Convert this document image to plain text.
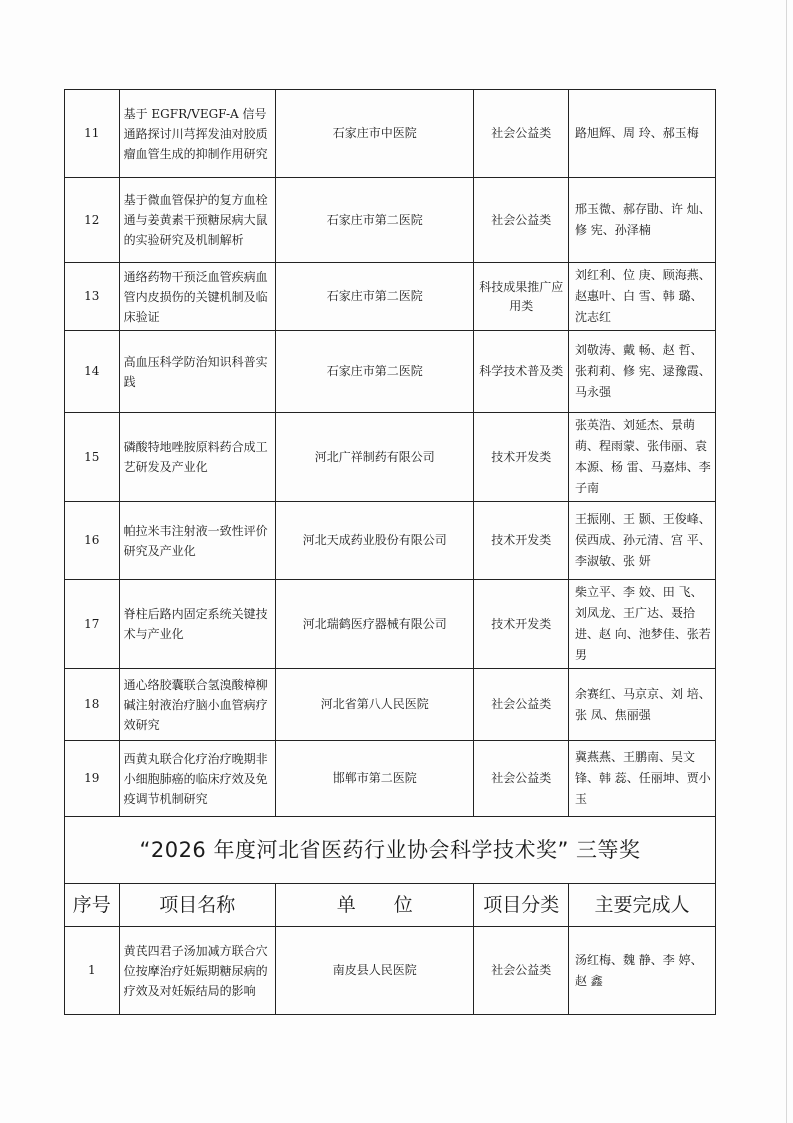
11	基于 EGFR/VEGF-A 信号通路探讨川芎挥发油对胶质瘤血管生成的抑制作用研究	石家庄市中医院	社会公益类	路旭辉、周 玲、郝玉梅
12	基于微血管保护的复方血栓通与姜黄素干预糖尿病大鼠的实验研究及机制解析	石家庄市第二医院	社会公益类	邢玉微、郝存勖、许 灿、修 宪、孙泽楠
13	通络药物干预泛血管疾病血管内皮损伤的关键机制及临床验证	石家庄市第二医院	科技成果推广应用类	刘红利、位 庚、顾海燕、赵惠叶、白 雪、韩 璐、沈志红
14	高血压科学防治知识科普实践	石家庄市第二医院	科学技术普及类	刘敬涛、戴 畅、赵 哲、张莉莉、修 宪、逯豫霞、马永强
15	磷酸特地唑胺原料药合成工艺研发及产业化	河北广祥制药有限公司	技术开发类	张英浩、刘延杰、景萌萌、程雨蒙、张伟丽、袁本源、杨 雷、马嘉炜、李子南
16	帕拉米韦注射液一致性评价研究及产业化	河北天成药业股份有限公司	技术开发类	王振刚、王 颢、王俊峰、侯西成、孙元清、宫 平、李淑敏、张 妍
17	脊柱后路内固定系统关键技术与产业化	河北瑞鹤医疗器械有限公司	技术开发类	柴立平、李 姣、田 飞、刘凤龙、王广达、聂拾进、赵 向、池梦佳、张若男
18	通心络胶囊联合氢溴酸樟柳碱注射液治疗脑小血管病疗效研究	河北省第八人民医院	社会公益类	余赛红、马京京、刘 培、张 凤、焦丽强
19	西黄丸联合化疗治疗晚期非小细胞肺癌的临床疗效及免疫调节机制研究	邯郸市第二医院	社会公益类	冀燕燕、王鹏南、吴文锋、韩 蕊、任丽坤、贾小玉
“2026 年度河北省医药行业协会科学技术奖” 三等奖				
序号	项目名称	单　　位	项目分类	主要完成人
1	黄芪四君子汤加减方联合穴位按摩治疗妊娠期糖尿病的疗效及对妊娠结局的影响	南皮县人民医院	社会公益类	汤红梅、魏 静、李 婷、赵 鑫
